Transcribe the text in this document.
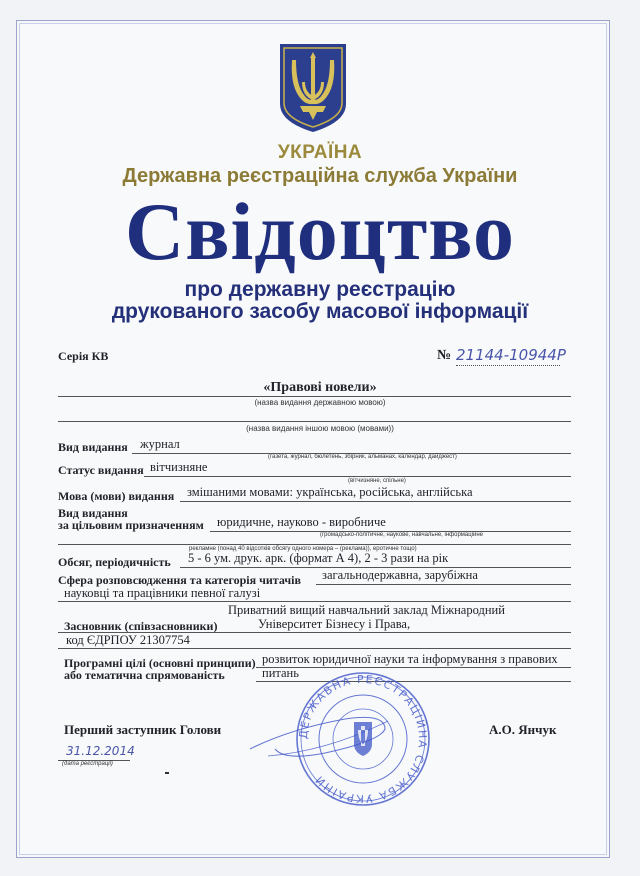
УКРАЇНА
Державна реєстраційна служба України
Свідоцтво
про державну реєстрацію
друкованого засобу масової інформації
Серія КВ	№ 21144-10944Р
«Правові новели»
(назва видання державною мовою)
(назва видання іншою мовою (мовами))
Вид видання журнал
(газета, журнал, бюлетень, збірник, альманах, календар, дайджест)
Статус видання вітчизняне
(вітчизняне, спільне)
Мова (мови) видання змішаними мовами: українська, російська, англійська
Вид видання
за цільовим призначенням юридичне, науково - виробниче
(громадсько-політичне, наукове, навчальне, інформаційне
рекламне (понад 40 відсотків обсягу одного номера – (реклама)), еротичне тощо)
Обсяг, періодичність 5 - 6 ум. друк. арк. (формат А 4), 2 - 3 рази на рік
Сфера розповсюдження та категорія читачів загальнодержавна, зарубіжна
науковці та працівники певної галузі
Приватний вищий навчальний заклад Міжнародний
Університет Бізнесу і Права,
Засновник (співзасновники)
код ЄДРПОУ 21307754
Програмні цілі (основні принципи)
або тематична спрямованість
розвиток юридичної науки та інформування з правових
питань
Перший заступник Голови	А.О. Янчук
31.12.2014
(дата реєстрації)
ДЕРЖАВНА РЕЄСТРАЦІЙНА СЛУЖБА УКРАЇНИ
